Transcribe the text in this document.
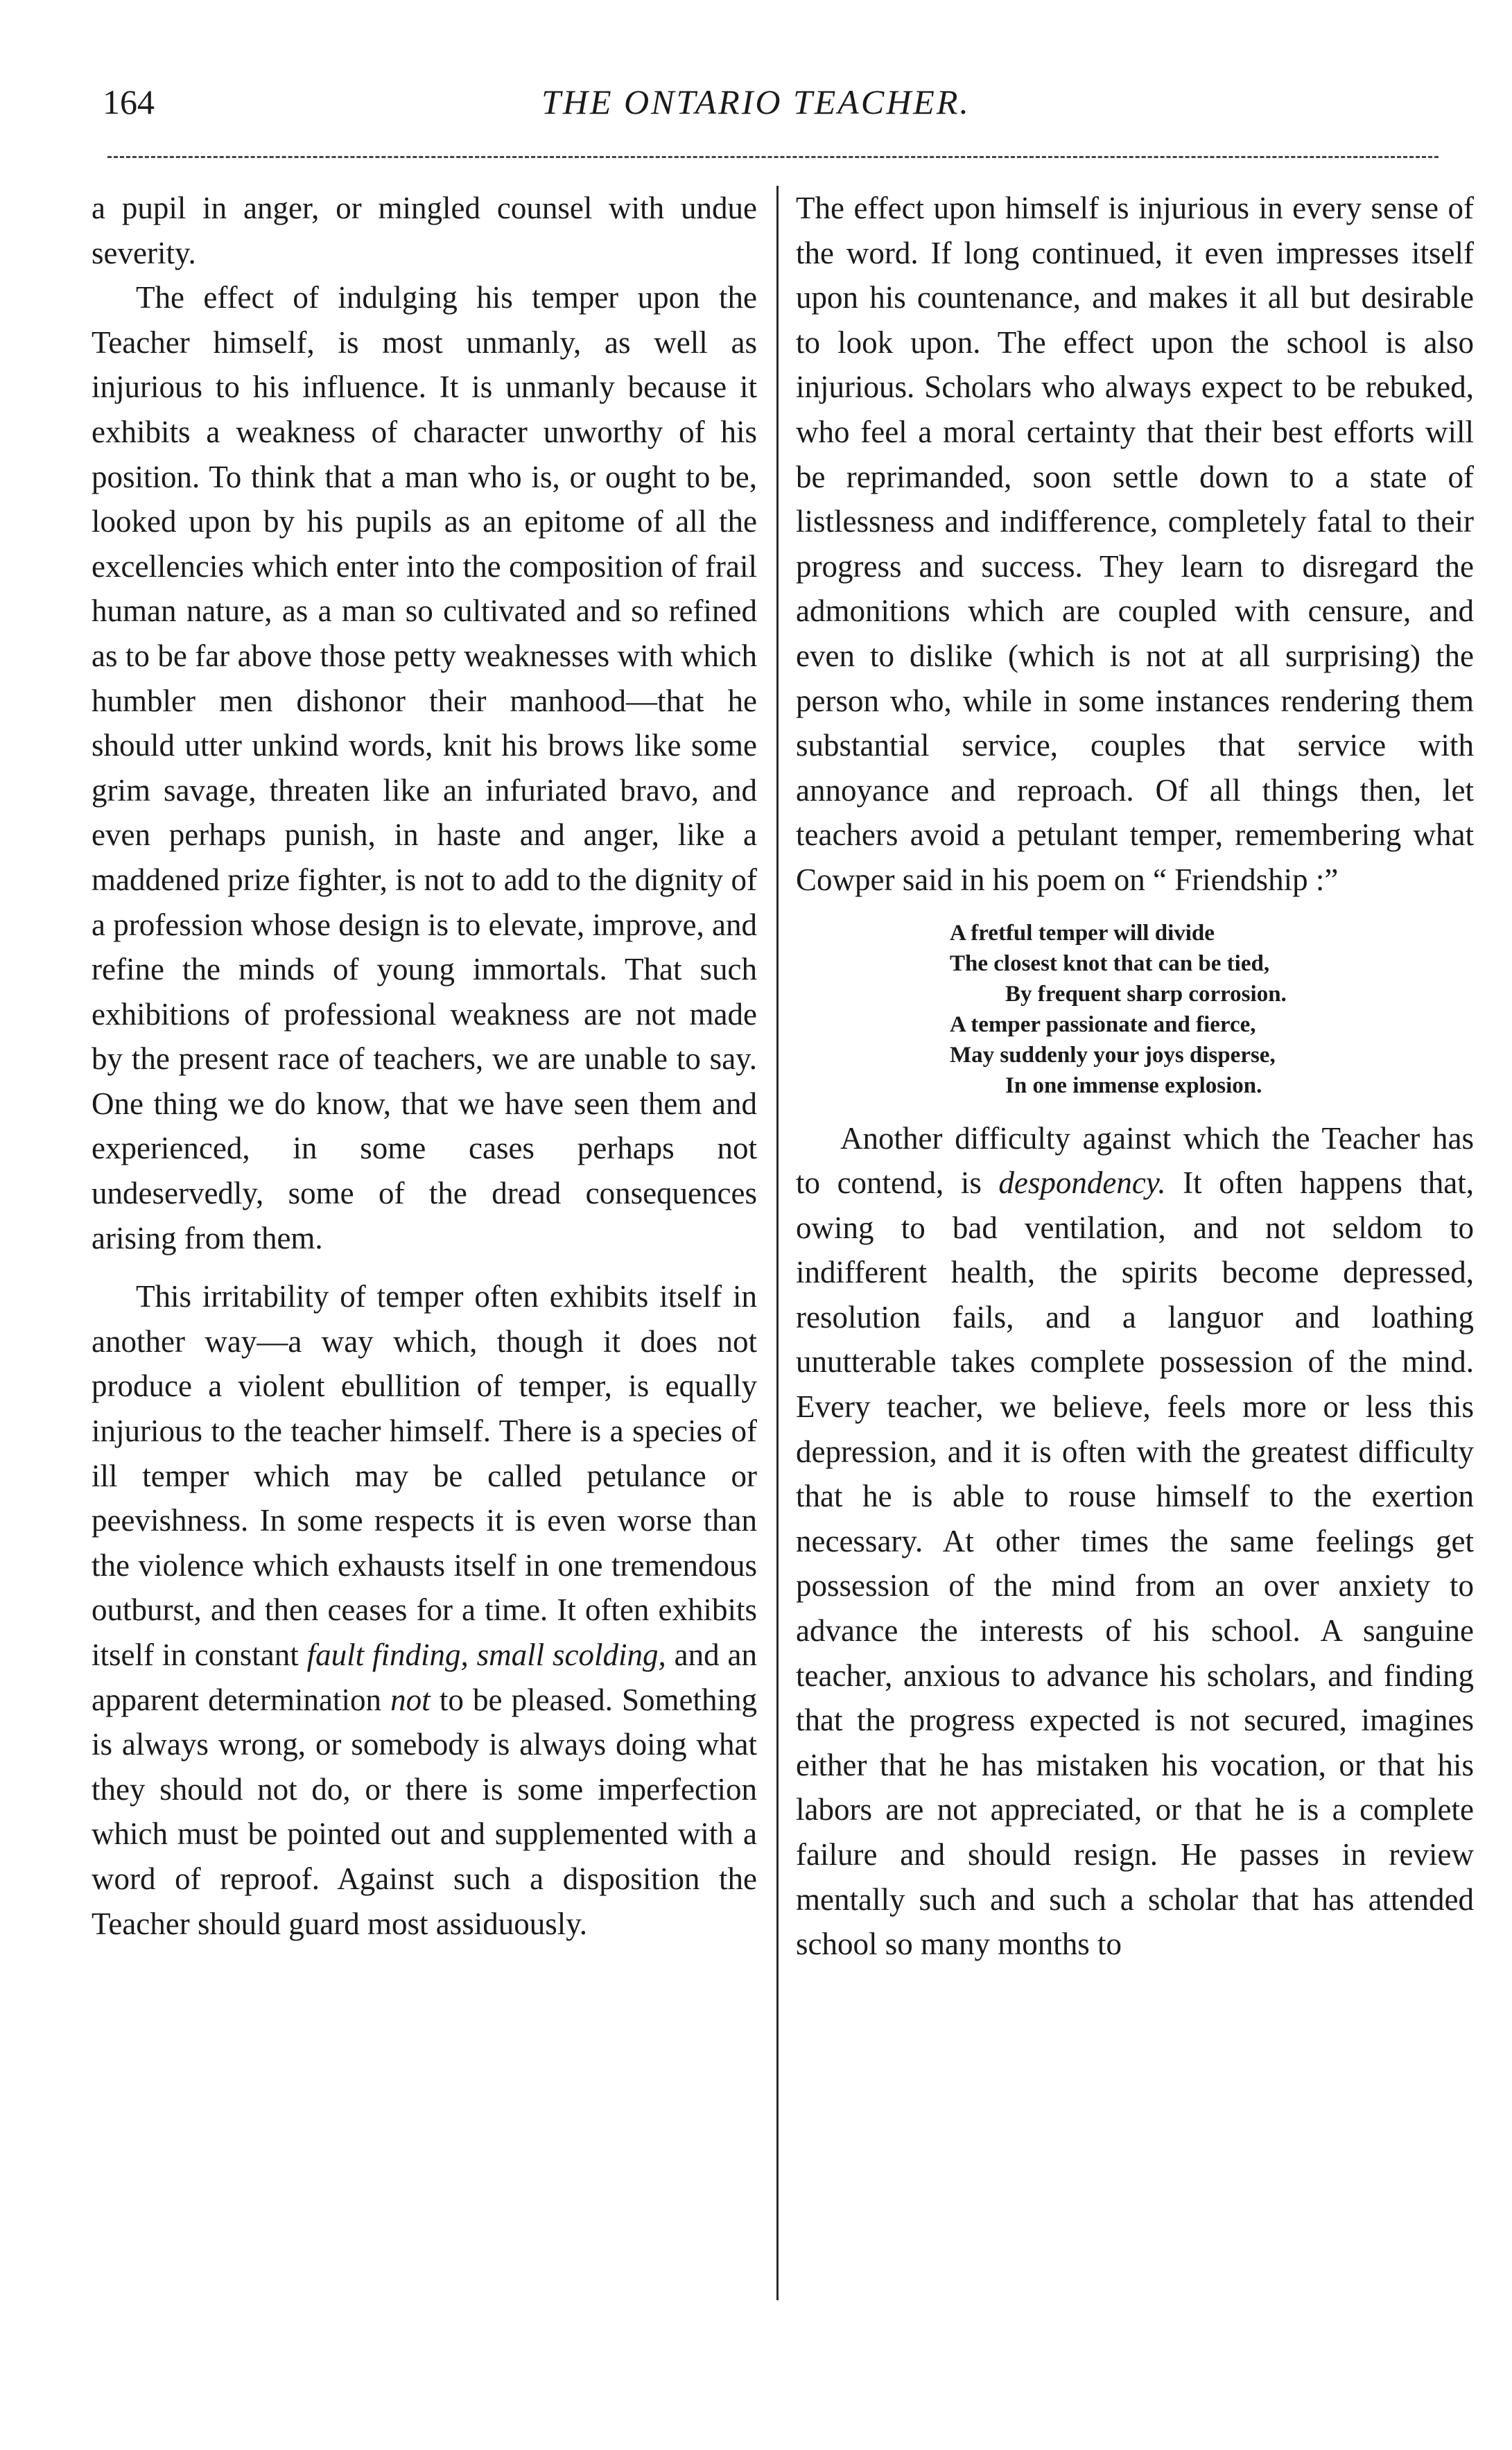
164	THE ONTARIO TEACHER.

a pupil in anger, or mingled counsel with undue severity.

The effect of indulging his temper upon the Teacher himself, is most unmanly, as well as injurious to his influence. It is unmanly because it exhibits a weakness of character unworthy of his position. To think that a man who is, or ought to be, looked upon by his pupils as an epitome of all the excellencies which enter into the composition of frail human nature, as a man so cultivated and so refined as to be far above those petty weaknesses with which humbler men dishonor their manhood—that he should utter unkind words, knit his brows like some grim savage, threaten like an infuriated bravo, and even perhaps punish, in haste and anger, like a maddened prize fighter, is not to add to the dignity of a profession whose design is to elevate, improve, and refine the minds of young immortals. That such exhibitions of professional weakness are not made by the present race of teachers, we are unable to say. One thing we do know, that we have seen them and experienced, in some cases perhaps not undeservedly, some of the dread consequences arising from them.

This irritability of temper often exhibits itself in another way—a way which, though it does not produce a violent ebullition of temper, is equally injurious to the teacher himself. There is a species of ill temper which may be called petulance or peevishness. In some respects it is even worse than the violence which exhausts itself in one tremendous outburst, and then ceases for a time. It often exhibits itself in constant fault finding, small scolding, and an apparent determination not to be pleased. Something is always wrong, or somebody is always doing what they should not do, or there is some imperfection which must be pointed out and supplemented with a word of reproof. Against such a disposition the Teacher should guard most assiduously.

The effect upon himself is injurious in every sense of the word. If long continued, it even impresses itself upon his countenance, and makes it all but desirable to look upon. The effect upon the school is also injurious. Scholars who always expect to be rebuked, who feel a moral certainty that their best efforts will be reprimanded, soon settle down to a state of listlessness and indifference, completely fatal to their progress and success. They learn to disregard the admonitions which are coupled with censure, and even to dislike (which is not at all surprising) the person who, while in some instances rendering them substantial service, couples that service with annoyance and reproach. Of all things then, let teachers avoid a petulant temper, remembering what Cowper said in his poem on “ Friendship :”

A fretful temper will divide
The closest knot that can be tied,
By frequent sharp corrosion.
A temper passionate and fierce,
May suddenly your joys disperse,
In one immense explosion.

Another difficulty against which the Teacher has to contend, is despondency. It often happens that, owing to bad ventilation, and not seldom to indifferent health, the spirits become depressed, resolution fails, and a languor and loathing unutterable takes complete possession of the mind. Every teacher, we believe, feels more or less this depression, and it is often with the greatest difficulty that he is able to rouse himself to the exertion necessary. At other times the same feelings get possession of the mind from an over anxiety to advance the interests of his school. A sanguine teacher, anxious to advance his scholars, and finding that the progress expected is not secured, imagines either that he has mistaken his vocation, or that his labors are not appreciated, or that he is a complete failure and should resign. He passes in review mentally such and such a scholar that has attended school so many months to
